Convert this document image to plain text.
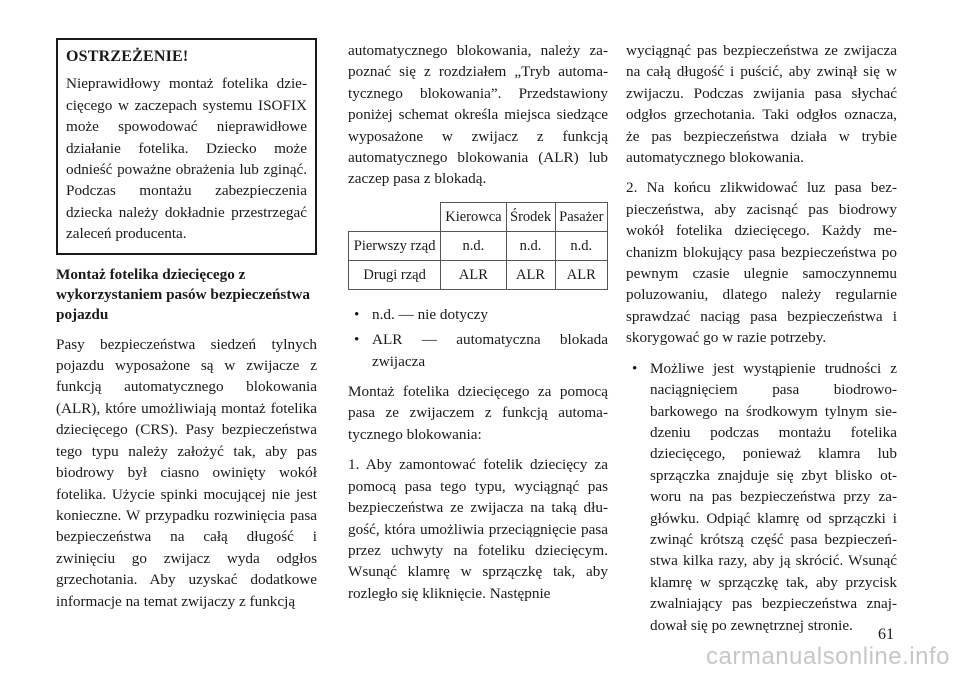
OSTRZEŻENIE!

Nieprawidłowy montaż fotelika dziecięcego w zaczepach systemu ISOFIX może spowodować nieprawidłowe działanie fotelika. Dziecko może odnieść poważne obrażenia lub zginąć. Podczas montażu zabezpieczenia dziecka należy dokładnie przestrzegać zaleceń producenta.

Montaż fotelika dziecięcego z wykorzystaniem pasów bezpieczeństwa pojazdu

Pasy bezpieczeństwa siedzeń tylnych pojazdu wyposażone są w zwijacze z funkcją automatycznego blokowania (ALR), które umożliwiają montaż fotelika dziecięcego (CRS). Pasy bezpieczeństwa tego typu należy założyć tak, aby pas biodrowy był ciasno owinięty wokół fotelika. Użycie spinki mocującej nie jest konieczne. W przypadku rozwinięcia pasa bezpieczeństwa na całą długość i zwinięciu go zwijacz wyda odgłos grzechotania. Aby uzyskać dodatkowe informacje na temat zwijaczy z funkcją

automatycznego blokowania, należy zapoznać się z rozdziałem „Tryb automatycznego blokowania”. Przedstawiony poniżej schemat określa miejsca siedzące wyposażone w zwijacz z funkcją automatycznego blokowania (ALR) lub zaczep pasa z blokadą.

	Kierowca	Środek	Pasażer
Pierwszy rząd	n.d.	n.d.	n.d.
Drugi rząd	ALR	ALR	ALR
• n.d. — nie dotyczy
• ALR — automatyczna blokada zwijacza

Montaż fotelika dziecięcego za pomocą pasa ze zwijaczem z funkcją automatycznego blokowania:

1. Aby zamontować fotelik dziecięcy za pomocą pasa tego typu, wyciągnąć pas bezpieczeństwa ze zwijacza na taką długość, która umożliwia przeciągnięcie pasa przez uchwyty na foteliku dziecięcym. Wsunąć klamrę w sprzączkę tak, aby rozległo się kliknięcie. Następnie

wyciągnąć pas bezpieczeństwa ze zwijacza na całą długość i puścić, aby zwinął się w zwijaczu. Podczas zwijania pasa słychać odgłos grzechotania. Taki odgłos oznacza, że pas bezpieczeństwa działa w trybie automatycznego blokowania.

2. Na końcu zlikwidować luz pasa bezpieczeństwa, aby zacisnąć pas biodrowy wokół fotelika dziecięcego. Każdy mechanizm blokujący pasa bezpieczeństwa po pewnym czasie ulegnie samoczynnemu poluzowaniu, dlatego należy regularnie sprawdzać naciąg pasa bezpieczeństwa i skorygować go w razie potrzeby.

• Możliwe jest wystąpienie trudności z naciągnięciem pasa biodrowobarkowego na środkowym tylnym siedzeniu podczas montażu fotelika dziecięcego, ponieważ klamra lub sprzączka znajduje się zbyt blisko otworu na pas bezpieczeństwa przy zagłówku. Odpiąć klamrę od sprzączki i zwinąć krótszą część pasa bezpieczeństwa kilka razy, aby ją skrócić. Wsunąć klamrę w sprzączkę tak, aby przycisk zwalniający pas bezpieczeństwa znajdował się po zewnętrznej stronie.
61
carmanualsonline.info
